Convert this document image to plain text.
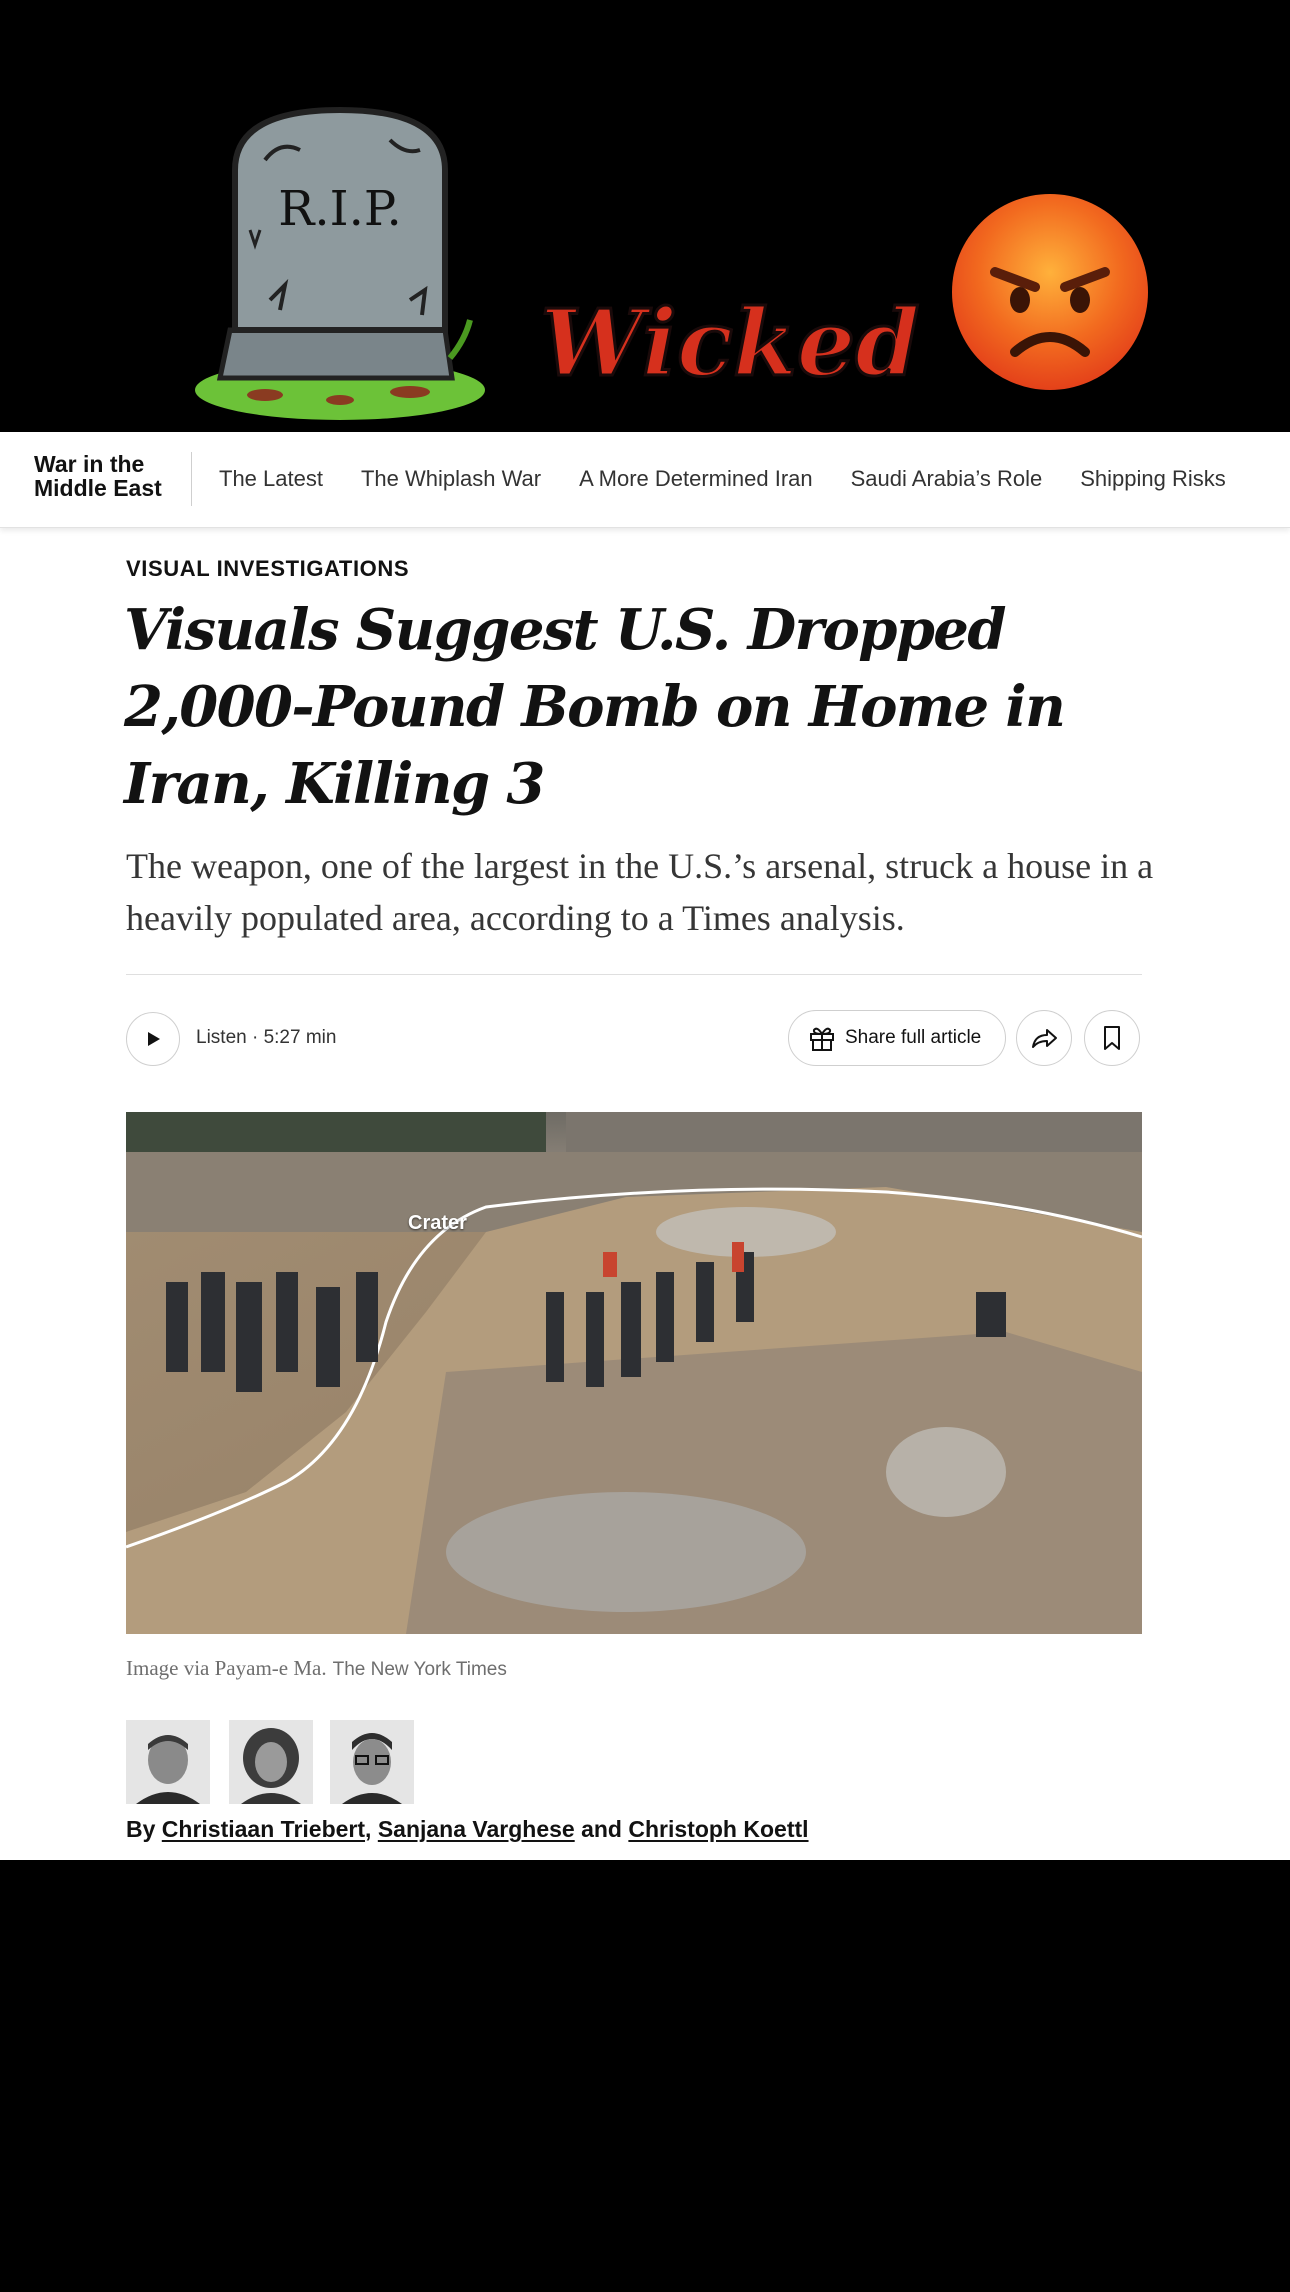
R.I.P.
Wicked
War in the
Middle East	The Latest The Whiplash War A More Determined Iran Saudi Arabia’s Role Shipping Risks
VISUAL INVESTIGATIONS
Visuals Suggest U.S. Dropped 2,000-Pound Bomb on Home in Iran, Killing 3

The weapon, one of the largest in the U.S.’s arsenal, struck a house in a heavily populated area, according to a Times analysis.

Listen · 5:27 min	Share full article
Crater
Image via Payam-e Ma. The New York Times
By Christiaan Triebert, Sanjana Varghese and Christoph Koettl
